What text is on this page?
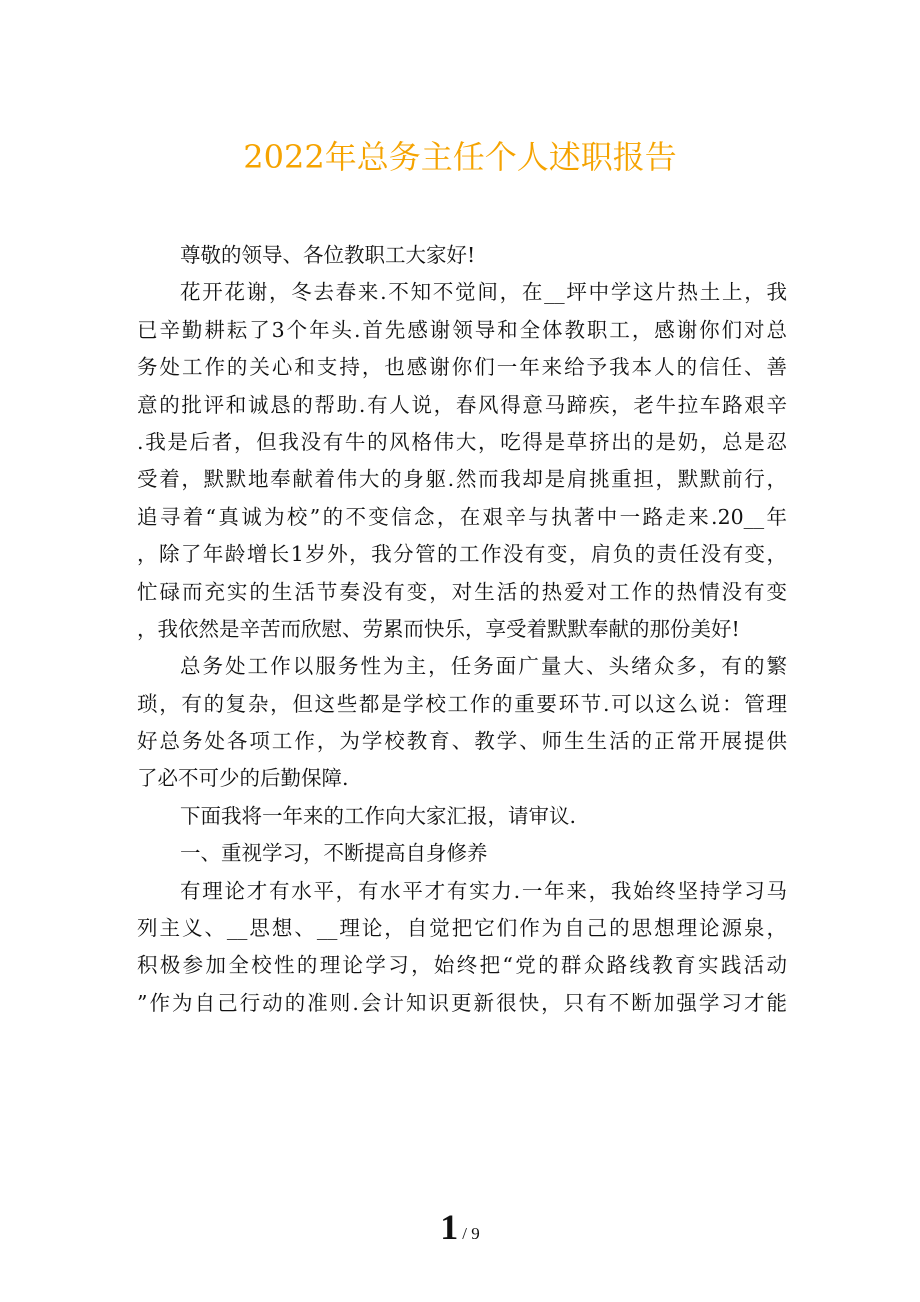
2022年总务主任个人述职报告
尊敬的领导、各位教职工大家好!
花开花谢，冬去春来.不知不觉间，在__坪中学这片热土上，我
已辛勤耕耘了3个年头.首先感谢领导和全体教职工，感谢你们对总
务处工作的关心和支持，也感谢你们一年来给予我本人的信任、善
意的批评和诚恳的帮助.有人说，春风得意马蹄疾，老牛拉车路艰辛
.我是后者，但我没有牛的风格伟大，吃得是草挤出的是奶，总是忍
受着，默默地奉献着伟大的身躯.然而我却是肩挑重担，默默前行，
追寻着“真诚为校”的不变信念，在艰辛与执著中一路走来.20__年
，除了年龄增长1岁外，我分管的工作没有变，肩负的责任没有变，
忙碌而充实的生活节奏没有变，对生活的热爱对工作的热情没有变
，我依然是辛苦而欣慰、劳累而快乐，享受着默默奉献的那份美好!
总务处工作以服务性为主，任务面广量大、头绪众多，有的繁
琐，有的复杂，但这些都是学校工作的重要环节.可以这么说：管理
好总务处各项工作，为学校教育、教学、师生生活的正常开展提供
了必不可少的后勤保障.
下面我将一年来的工作向大家汇报，请审议.
一、重视学习，不断提高自身修养
有理论才有水平，有水平才有实力.一年来，我始终坚持学习马
列主义、__思想、__理论，自觉把它们作为自己的思想理论源泉，
积极参加全校性的理论学习，始终把“党的群众路线教育实践活动
”作为自己行动的准则.会计知识更新很快，只有不断加强学习才能
1 / 9
